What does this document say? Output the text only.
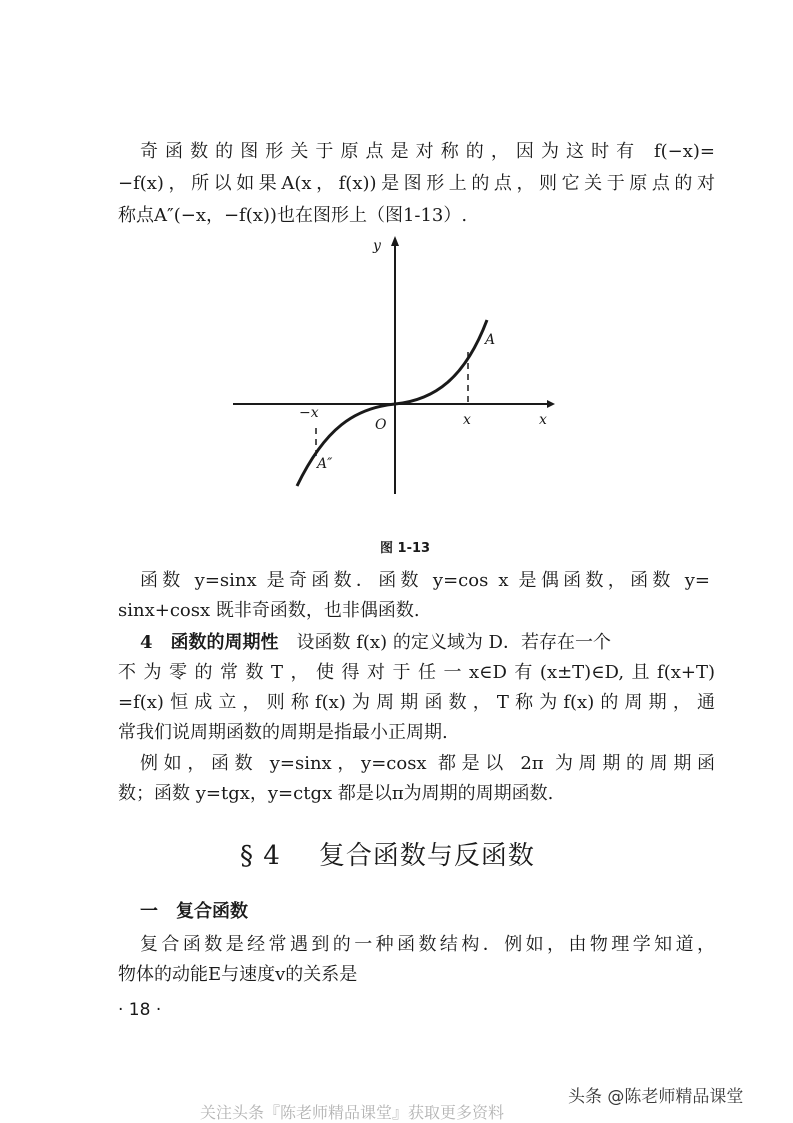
奇函数的图形关于原点是对称的，因为这时有 f(−x)=
−f(x)，所以如果A(x，f(x))是图形上的点，则它关于原点的对
称点A″(−x，−f(x))也在图形上（图1-13）.
y
x
O	x
−x
A
A″
图 1-13
函数 y=sinx 是奇函数．函数 y=cos x 是偶函数，函数 y=
sinx+cosx 既非奇函数，也非偶函数.
4　函数的周期性　设函数 f(x) 的定义域为 D．若存在一个
不为零的常数T，使得对于任一x∈D有(x±T)∈D,且f(x+T)
=f(x)恒成立，则称f(x)为周期函数，T称为f(x)的周期，通
常我们说周期函数的周期是指最小正周期.
例如，函数 y=sinx，y=cosx 都是以 2π 为周期的周期函
数；函数 y=tgx，y=ctgx 都是以π为周期的周期函数.
§ 4 复合函数与反函数
一　复合函数
复合函数是经常遇到的一种函数结构．例如，由物理学知道，
物体的动能E与速度v的关系是
· 18 ·
头条 @陈老师精品课堂
关注头条『陈老师精品课堂』获取更多资料
